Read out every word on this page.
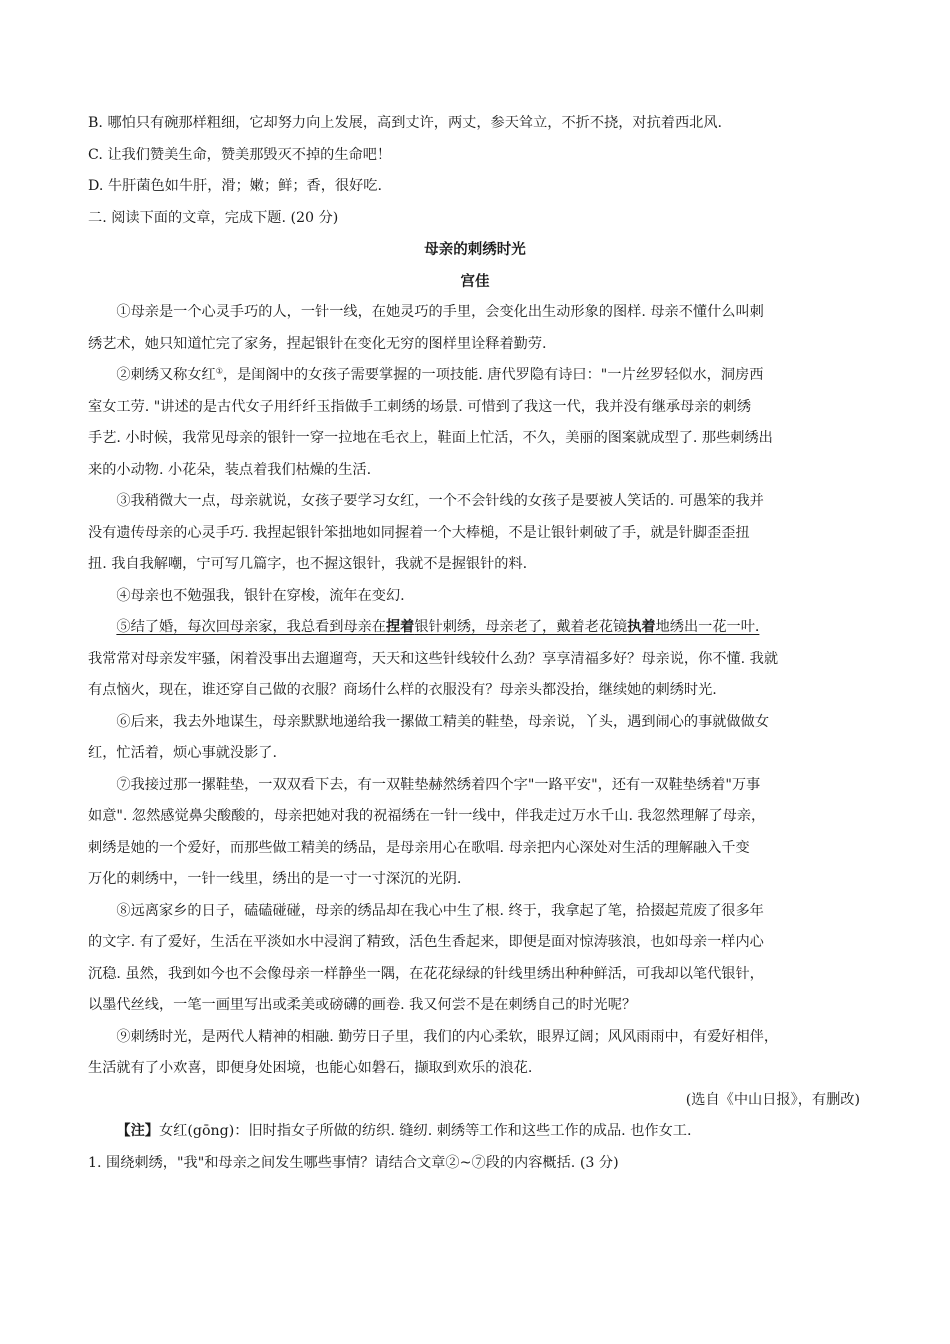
B. 哪怕只有碗那样粗细，它却努力向上发展，高到丈许，两丈，参天耸立，不折不挠，对抗着西北风.
C. 让我们赞美生命，赞美那毁灭不掉的生命吧！
D. 牛肝菌色如牛肝，滑；嫩；鲜；香，很好吃.
二. 阅读下面的文章，完成下题. (20 分)
母亲的刺绣时光
宫佳

①母亲是一个心灵手巧的人，一针一线，在她灵巧的手里，会变化出生动形象的图样. 母亲不懂什么叫刺
绣艺术，她只知道忙完了家务，捏起银针在变化无穷的图样里诠释着勤劳.

②刺绣又称女红①，是闺阁中的女孩子需要掌握的一项技能. 唐代罗隐有诗曰："一片丝罗轻似水，洞房西
室女工劳. "讲述的是古代女子用纤纤玉指做手工刺绣的场景. 可惜到了我这一代，我并没有继承母亲的刺绣
手艺. 小时候，我常见母亲的银针一穿一拉地在毛衣上，鞋面上忙活，不久，美丽的图案就成型了. 那些刺绣出
来的小动物. 小花朵，装点着我们枯燥的生活.

③我稍微大一点，母亲就说，女孩子要学习女红，一个不会针线的女孩子是要被人笑话的. 可愚笨的我并
没有遗传母亲的心灵手巧. 我捏起银针笨拙地如同握着一个大棒槌，不是让银针刺破了手，就是针脚歪歪扭
扭. 我自我解嘲，宁可写几篇字，也不握这银针，我就不是握银针的料.

④母亲也不勉强我，银针在穿梭，流年在变幻.

⑤结了婚，每次回母亲家，我总看到母亲在捏着银针刺绣，母亲老了，戴着老花镜执着地绣出一花一叶.
我常常对母亲发牢骚，闲着没事出去遛遛弯，天天和这些针线较什么劲？享享清福多好？母亲说，你不懂. 我就
有点恼火，现在，谁还穿自己做的衣服？商场什么样的衣服没有？母亲头都没抬，继续她的刺绣时光.

⑥后来，我去外地谋生，母亲默默地递给我一摞做工精美的鞋垫，母亲说，丫头，遇到闹心的事就做做女
红，忙活着，烦心事就没影了.

⑦我接过那一摞鞋垫，一双双看下去，有一双鞋垫赫然绣着四个字"一路平安"，还有一双鞋垫绣着"万事
如意". 忽然感觉鼻尖酸酸的，母亲把她对我的祝福绣在一针一线中，伴我走过万水千山. 我忽然理解了母亲，
刺绣是她的一个爱好，而那些做工精美的绣品，是母亲用心在歌唱. 母亲把内心深处对生活的理解融入千变
万化的刺绣中，一针一线里，绣出的是一寸一寸深沉的光阴.

⑧远离家乡的日子，磕磕碰碰，母亲的绣品却在我心中生了根. 终于，我拿起了笔，拾掇起荒废了很多年
的文字. 有了爱好，生活在平淡如水中浸润了精致，活色生香起来，即便是面对惊涛骇浪，也如母亲一样内心
沉稳. 虽然，我到如今也不会像母亲一样静坐一隅，在花花绿绿的针线里绣出种种鲜活，可我却以笔代银针，
以墨代丝线，一笔一画里写出或柔美或磅礴的画卷. 我又何尝不是在刺绣自己的时光呢？

⑨刺绣时光，是两代人精神的相融. 勤劳日子里，我们的内心柔软，眼界辽阔；风风雨雨中，有爱好相伴，
生活就有了小欢喜，即便身处困境，也能心如磐石，撷取到欢乐的浪花.

(选自《中山日报》，有删改)

【注】女红(gōng)：旧时指女子所做的纺织. 缝纫. 刺绣等工作和这些工作的成品. 也作女工.

1. 围绕刺绣，"我"和母亲之间发生哪些事情？请结合文章②~⑦段的内容概括. (3 分)
